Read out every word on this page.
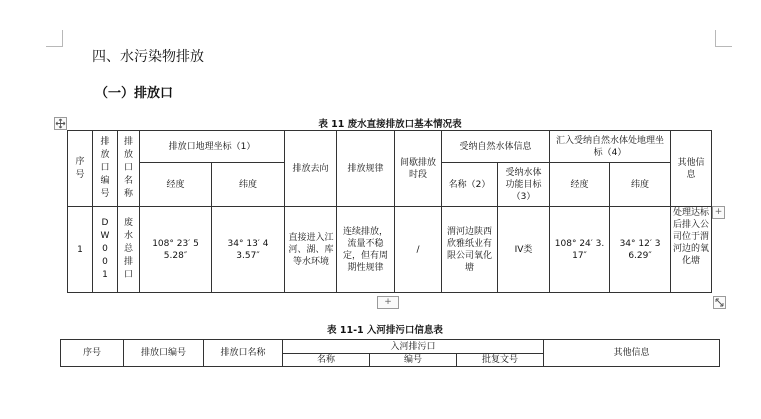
四、水污染物排放
（一）排放口
表 11 废水直接排放口基本情况表
序号	排放口编号	排放口名称	排放口地理坐标（1）		排放去向	排放规律	间歇排放时段	受纳自然水体信息		汇入受纳自然水体处地理坐标（4）		其他信息
			经度	纬度				名称（2）	受纳水体功能目标（3）	经度	纬度	
1	DW001	废水总排口	108° 23′ 55.28″	34° 13′ 43.57″	直接进入江河、湖、库等水环境	连续排放，流量不稳定，但有周期性规律	/	渭河边陕西欣雅纸业有限公司氧化塘	IV类	108° 24′ 3.17″	34° 12′ 36.29″	处理达标后排入公司位于渭河边的氧化塘
+
+
表 11-1 入河排污口信息表
序号	排放口编号	排放口名称	入河排污口			其他信息
			名称	编号	批复文号	
